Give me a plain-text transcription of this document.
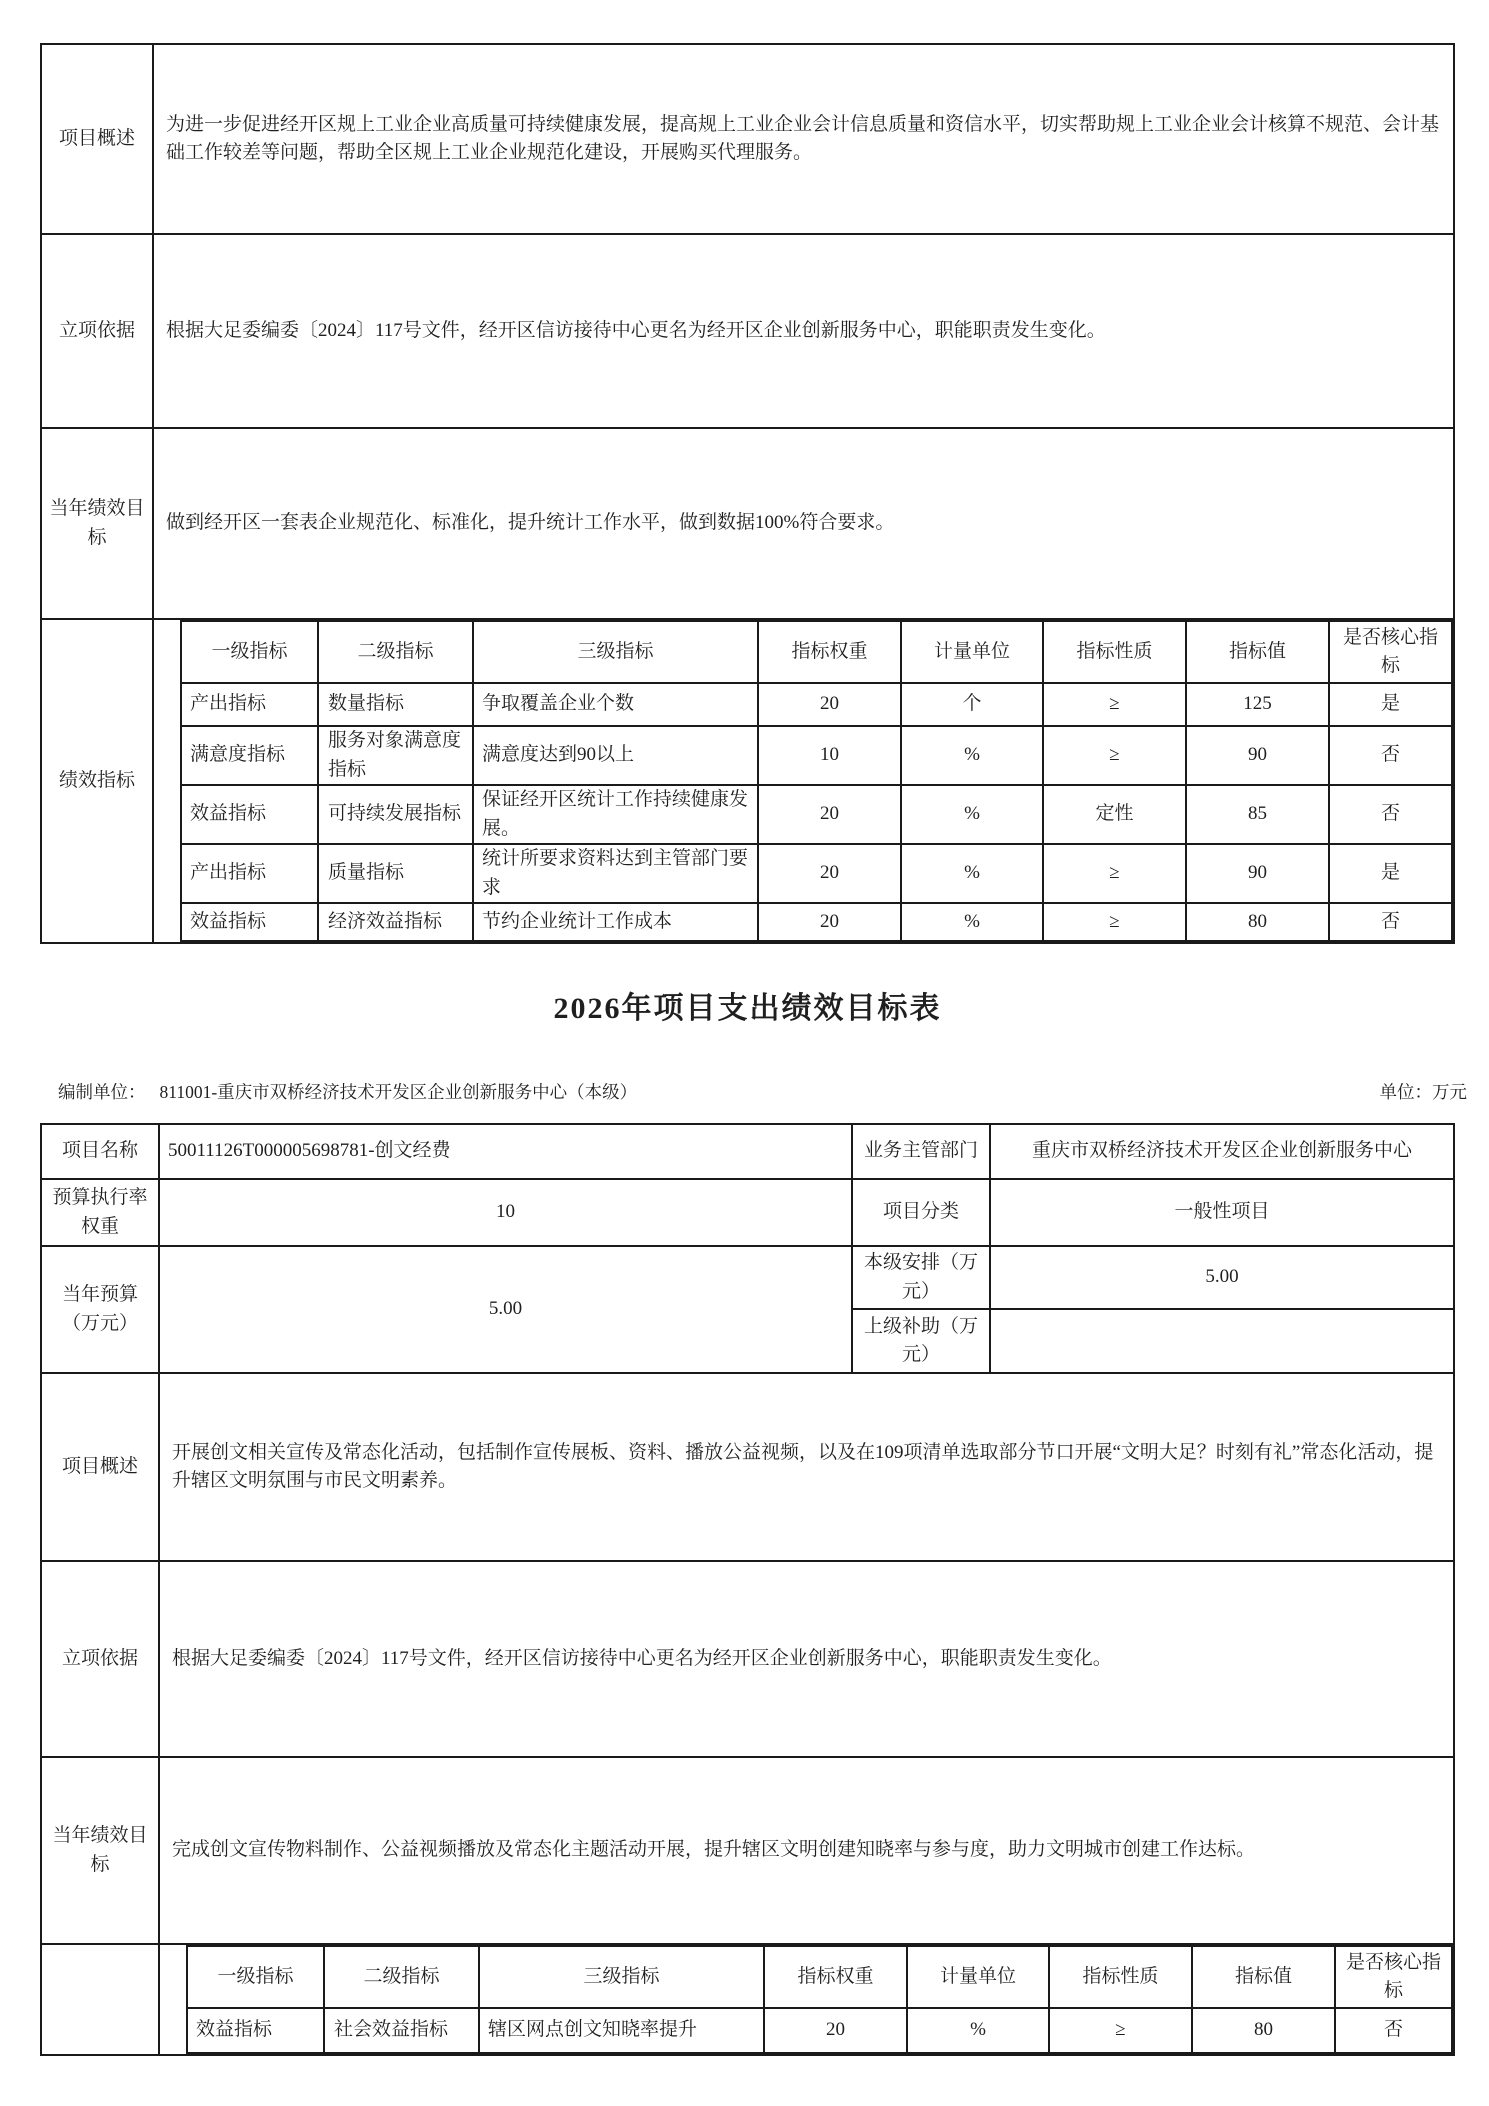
项目概述	为进一步促进经开区规上工业企业高质量可持续健康发展，提高规上工业企业会计信息质量和资信水平，切实帮助规上工业企业会计核算不规范、会计基础工作较差等问题，帮助全区规上工业企业规范化建设，开展购买代理服务。
立项依据	根据大足委编委〔2024〕117号文件，经开区信访接待中心更名为经开区企业创新服务中心，职能职责发生变化。
当年绩效目标	做到经开区一套表企业规范化、标准化，提升统计工作水平，做到数据100%符合要求。
绩效指标	
一级指标	二级指标	三级指标	指标权重	计量单位	指标性质	指标值	是否核心指标
产出指标	数量指标	争取覆盖企业个数	20	个	≥	125	是
满意度指标	服务对象满意度指标	满意度达到90以上	10	%	≥	90	否
效益指标	可持续发展指标	保证经开区统计工作持续健康发展。	20	%	定性	85	否
产出指标	质量指标	统计所要求资料达到主管部门要求	20	%	≥	90	是
效益指标	经济效益指标	节约企业统计工作成本	20	%	≥	80	否
2026年项目支出绩效目标表
编制单位： 811001-重庆市双桥经济技术开发区企业创新服务中心（本级）	单位：万元
项目名称	50011126T000005698781-创文经费	业务主管部门	重庆市双桥经济技术开发区企业创新服务中心
预算执行率权重	10	项目分类	一般性项目
当年预算（万元）	5.00	本级安排（万元）	5.00
上级补助（万元）	
项目概述	开展创文相关宣传及常态化活动，包括制作宣传展板、资料、播放公益视频，以及在109项清单选取部分节口开展“文明大足？时刻有礼”常态化活动，提升辖区文明氛围与市民文明素养。
立项依据	根据大足委编委〔2024〕117号文件，经开区信访接待中心更名为经开区企业创新服务中心，职能职责发生变化。
当年绩效目标	完成创文宣传物料制作、公益视频播放及常态化主题活动开展，提升辖区文明创建知晓率与参与度，助力文明城市创建工作达标。

一级指标	二级指标	三级指标	指标权重	计量单位	指标性质	指标值	是否核心指标
效益指标	社会效益指标	辖区网点创文知晓率提升	20	%	≥	80	否
